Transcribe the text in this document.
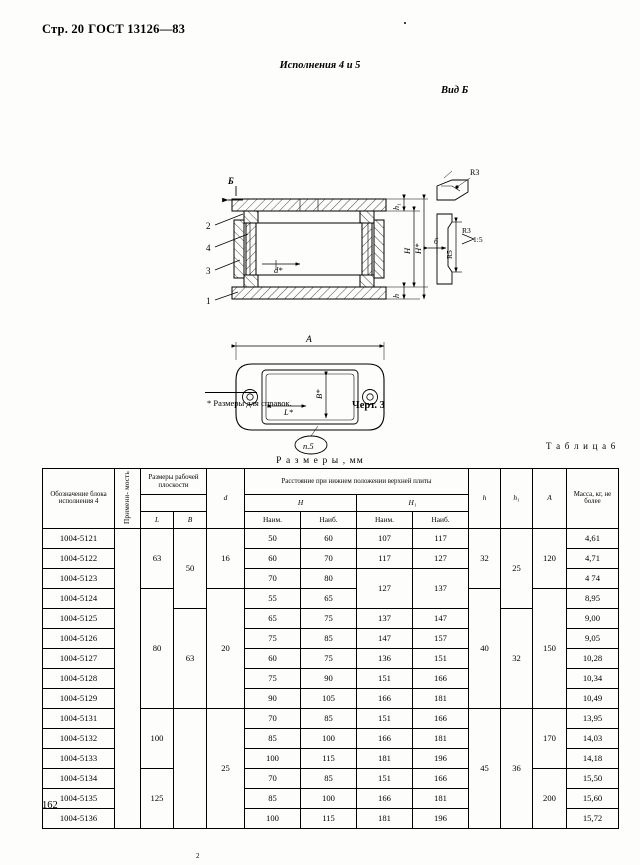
Стр. 20 ГОСТ 13126—83
Исполнения 4 и 5
Вид Б
Б
2
4
3
1
d*
h₁
H H*
h
R3
1:5
б
R5
R3
A
L*
B*
п.5
* Размеры для справок.	Черт. 3
Т а б л и ц а 6
Р а з м е р ы , мм
Обозначение блока исполнения 4	Примени- мость	Размеры рабочей плоскости		d	Расстояние при нижнем положении верхней плиты				h	h₁	A	Масса, кг, не более

					H		H₁					
		L	B		Наим.	Наиб.	Наим.	Наиб.				
1004-5121		63	50	16	50	60	107	117	32	25	120	4,61
1004-5122					60	70	117	127				4,71
1004-5123					70	80	127	137				4 74
1004-5124		80		20	55	65			40		150	8,95
1004-5125			63		65	75	137	147		32		9,00
1004-5126					75	85	147	157				9,05
1004-5127					60	75	136	151				10,28
1004-5128					75	90	151	166				10,34
1004-5129					90	105	166	181				10,49
1004-5131		100		25	70	85	151	166	45	36	170	13,95
1004-5132					85	100	166	181				14,03
1004-5133					100	115	181	196				14,18
1004-5134		125			70	85	151	166			200	15,50
1004-5135					85	100	166	181				15,60
1004-5136					100	115	181	196				15,72
162
2
